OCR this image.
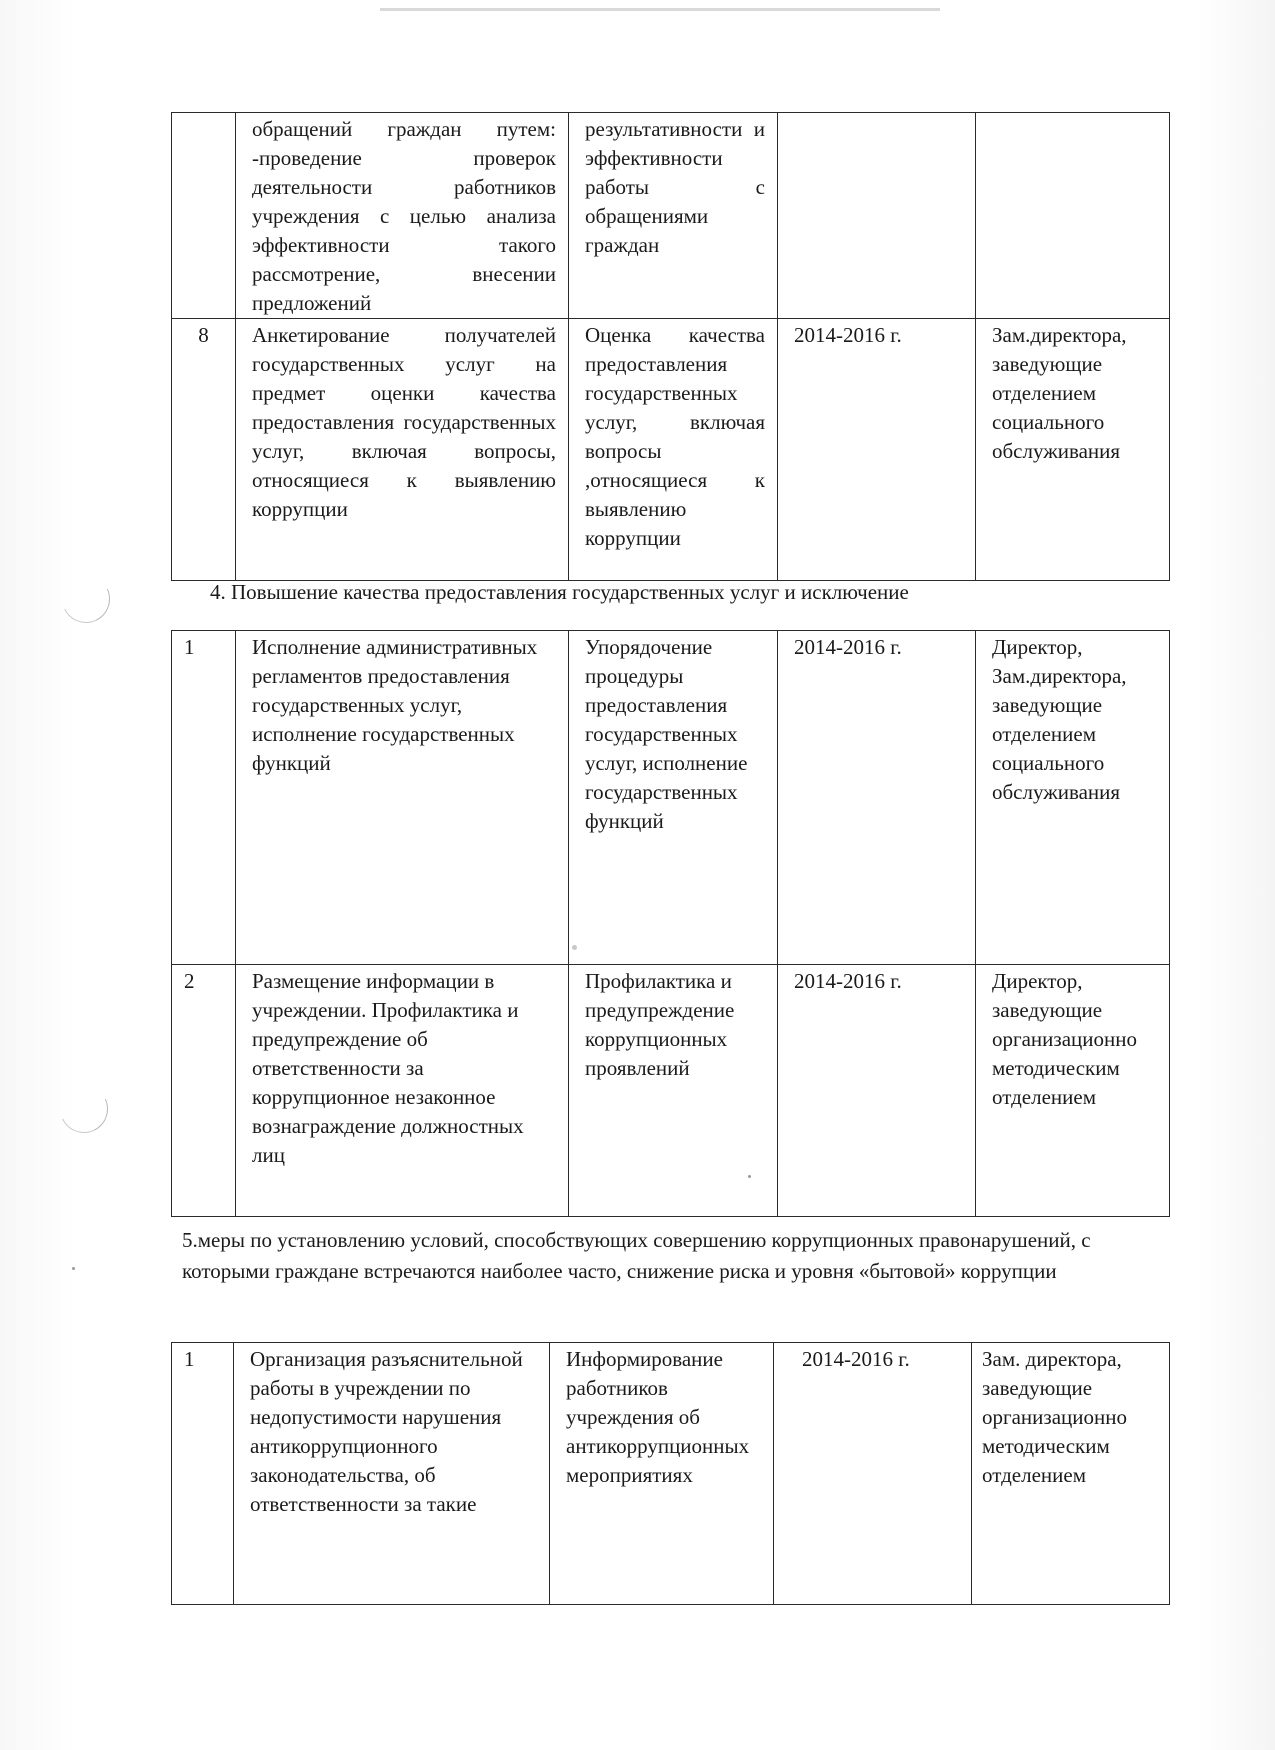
	обращений граждан путем: -проведение проверок деятельности работников учреждения с целью анализа эффективности такого рассмотрение, внесении предложений	результативности и эффективности работы с обращениями граждан		
8	Анкетирование получателей государственных услуг на предмет оценки качества предоставления государственных услуг, включая вопросы, относящиеся к выявлению коррупции	Оценка качества предоставления государственных услуг, включая вопросы ,относящиеся к выявлению коррупции	2014-2016 г.	Зам.директора, заведующие отделением социального обслуживания

4. Повышение качества предоставления государственных услуг и исключение

1	Исполнение административных регламентов предоставления государственных услуг, исполнение государственных функций	Упорядочение процедуры предоставления государственных услуг, исполнение государственных функций	2014-2016 г.	Директор, Зам.директора, заведующие отделением социального обслуживания
2	Размещение информации в учреждении. Профилактика и предупреждение об ответственности за коррупционное незаконное вознаграждение должностных лиц	Профилактика и предупреждение коррупционных проявлений	2014-2016 г.	Директор, заведующие организационно методическим отделением

5.меры по установлению условий, способствующих совершению коррупционных правонарушений, с которыми граждане встречаются наиболее часто, снижение риска и уровня «бытовой» коррупции

1	Организация разъяснительной работы в учреждении по недопустимости нарушения антикоррупционного законодательства, об ответственности за такие	Информирование работников учреждения об антикоррупционных мероприятиях	2014-2016 г.	Зам. директора, заведующие организационно методическим отделением
